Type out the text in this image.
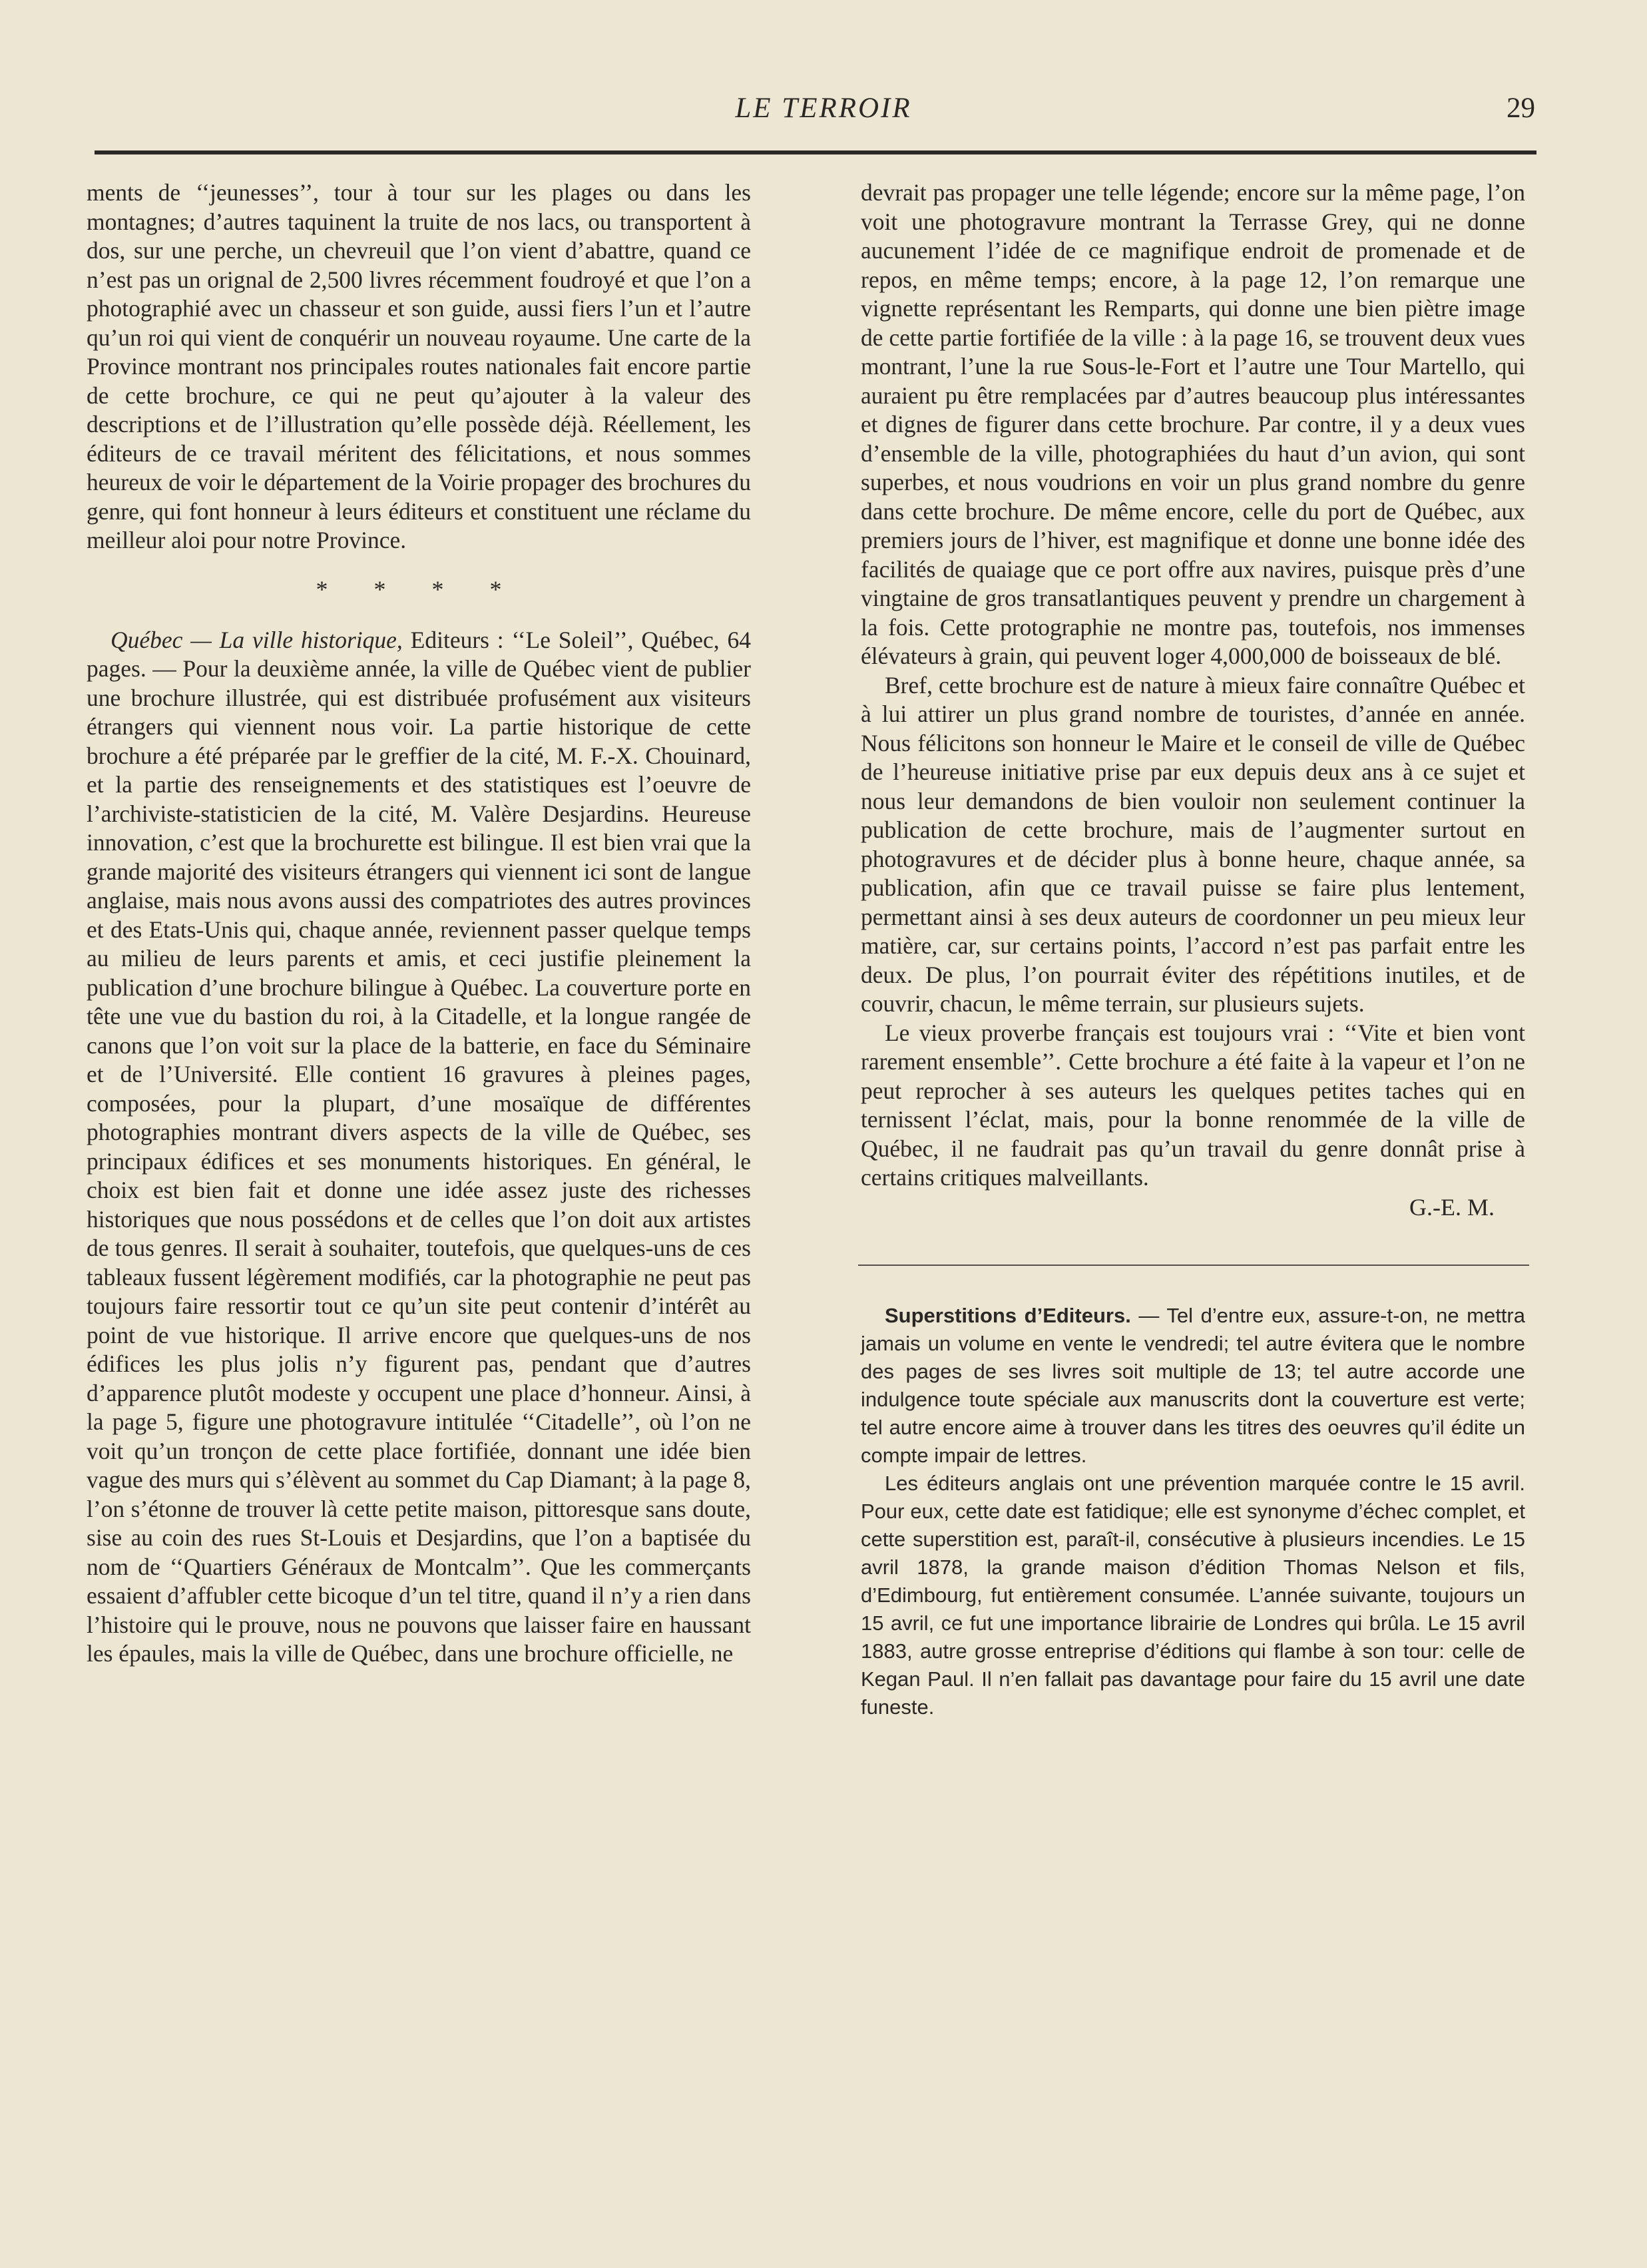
LE TERROIR	29

ments de ‘‘jeunesses’’, tour à tour sur les plages ou dans les montagnes; d’autres taquinent la truite de nos lacs, ou transportent à dos, sur une perche, un chevreuil que l’on vient d’abattre, quand ce n’est pas un orignal de 2,500 livres récemment foudroyé et que l’on a photographié avec un chasseur et son guide, aussi fiers l’un et l’autre qu’un roi qui vient de conquérir un nouveau royaume. Une carte de la Province montrant nos principales routes nationales fait encore partie de cette brochure, ce qui ne peut qu’ajouter à la valeur des descriptions et de l’illustration qu’elle possède déjà. Réellement, les éditeurs de ce travail méritent des félicitations, et nous sommes heureux de voir le département de la Voirie propager des brochures du genre, qui font honneur à leurs éditeurs et constituent une réclame du meilleur aloi pour notre Province.

* * * *

Québec — La ville historique, Editeurs : ‘‘Le Soleil’’, Québec, 64 pages. — Pour la deuxième année, la ville de Québec vient de publier une brochure illustrée, qui est distribuée profusément aux visiteurs étrangers qui viennent nous voir. La partie historique de cette brochure a été préparée par le greffier de la cité, M. F.-X. Chouinard, et la partie des renseignements et des statistiques est l’oeuvre de l’archiviste-statisticien de la cité, M. Valère Desjardins. Heureuse innovation, c’est que la brochurette est bilingue. Il est bien vrai que la grande majorité des visiteurs étrangers qui viennent ici sont de langue anglaise, mais nous avons aussi des compatriotes des autres provinces et des Etats-Unis qui, chaque année, reviennent passer quelque temps au milieu de leurs parents et amis, et ceci justifie pleinement la publication d’une brochure bilingue à Québec. La couverture porte en tête une vue du bastion du roi, à la Citadelle, et la longue rangée de canons que l’on voit sur la place de la batterie, en face du Séminaire et de l’Université. Elle contient 16 gravures à pleines pages, composées, pour la plupart, d’une mosaïque de différentes photographies montrant divers aspects de la ville de Québec, ses principaux édifices et ses monuments historiques. En général, le choix est bien fait et donne une idée assez juste des richesses historiques que nous possédons et de celles que l’on doit aux artistes de tous genres. Il serait à souhaiter, toutefois, que quelques-uns de ces tableaux fussent légèrement modifiés, car la photographie ne peut pas toujours faire ressortir tout ce qu’un site peut contenir d’intérêt au point de vue historique. Il arrive encore que quelques-uns de nos édifices les plus jolis n’y figurent pas, pendant que d’autres d’apparence plutôt modeste y occupent une place d’honneur. Ainsi, à la page 5, figure une photogravure intitulée ‘‘Citadelle’’, où l’on ne voit qu’un tronçon de cette place fortifiée, donnant une idée bien vague des murs qui s’élèvent au sommet du Cap Diamant; à la page 8, l’on s’étonne de trouver là cette petite maison, pittoresque sans doute, sise au coin des rues St-Louis et Desjardins, que l’on a baptisée du nom de ‘‘Quartiers Généraux de Montcalm’’. Que les commerçants essaient d’affubler cette bicoque d’un tel titre, quand il n’y a rien dans l’histoire qui le prouve, nous ne pouvons que laisser faire en haussant les épaules, mais la ville de Québec, dans une brochure officielle, ne

devrait pas propager une telle légende; encore sur la même page, l’on voit une photogravure montrant la Terrasse Grey, qui ne donne aucunement l’idée de ce magnifique endroit de promenade et de repos, en même temps; encore, à la page 12, l’on remarque une vignette représentant les Remparts, qui donne une bien piètre image de cette partie fortifiée de la ville : à la page 16, se trouvent deux vues montrant, l’une la rue Sous-le-Fort et l’autre une Tour Martello, qui auraient pu être remplacées par d’autres beaucoup plus intéressantes et dignes de figurer dans cette brochure. Par contre, il y a deux vues d’ensemble de la ville, photographiées du haut d’un avion, qui sont superbes, et nous voudrions en voir un plus grand nombre du genre dans cette brochure. De même encore, celle du port de Québec, aux premiers jours de l’hiver, est magnifique et donne une bonne idée des facilités de quaiage que ce port offre aux navires, puisque près d’une vingtaine de gros transatlantiques peuvent y prendre un chargement à la fois. Cette protographie ne montre pas, toutefois, nos immenses élévateurs à grain, qui peuvent loger 4,000,000 de boisseaux de blé.

Bref, cette brochure est de nature à mieux faire connaître Québec et à lui attirer un plus grand nombre de touristes, d’année en année. Nous félicitons son honneur le Maire et le conseil de ville de Québec de l’heureuse initiative prise par eux depuis deux ans à ce sujet et nous leur demandons de bien vouloir non seulement continuer la publication de cette brochure, mais de l’augmenter surtout en photogravures et de décider plus à bonne heure, chaque année, sa publication, afin que ce travail puisse se faire plus lentement, permettant ainsi à ses deux auteurs de coordonner un peu mieux leur matière, car, sur certains points, l’accord n’est pas parfait entre les deux. De plus, l’on pourrait éviter des répétitions inutiles, et de couvrir, chacun, le même terrain, sur plusieurs sujets.

Le vieux proverbe français est toujours vrai : ‘‘Vite et bien vont rarement ensemble’’. Cette brochure a été faite à la vapeur et l’on ne peut reprocher à ses auteurs les quelques petites taches qui en ternissent l’éclat, mais, pour la bonne renommée de la ville de Québec, il ne faudrait pas qu’un travail du genre donnât prise à certains critiques malveillants.

G.-E. M.

Superstitions d’Editeurs. — Tel d’entre eux, assure-t-on, ne mettra jamais un volume en vente le vendredi; tel autre évitera que le nombre des pages de ses livres soit multiple de 13; tel autre accorde une indulgence toute spéciale aux manuscrits dont la couverture est verte; tel autre encore aime à trouver dans les titres des oeuvres qu’il édite un compte impair de lettres.

Les éditeurs anglais ont une prévention marquée contre le 15 avril. Pour eux, cette date est fatidique; elle est synonyme d’échec complet, et cette superstition est, paraît-il, consécutive à plusieurs incendies. Le 15 avril 1878, la grande maison d’édition Thomas Nelson et fils, d’Edimbourg, fut entièrement consumée. L’année suivante, toujours un 15 avril, ce fut une importance librairie de Londres qui brûla. Le 15 avril 1883, autre grosse entreprise d’éditions qui flambe à son tour: celle de Kegan Paul. Il n’en fallait pas davantage pour faire du 15 avril une date funeste.
